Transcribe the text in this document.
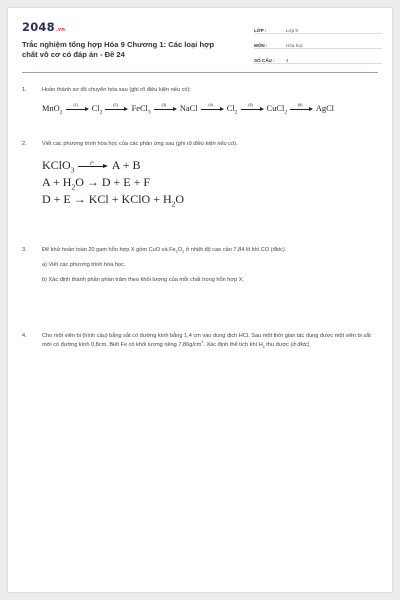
2048.vn
Trắc nghiệm tổng hợp Hóa 9 Chương 1: Các loại hợp chất vô cơ có đáp án - Đề 24
LỚP :	Lớp 9
MÔN :	Hóa học
SỐ CÂU :	4
1.	Hoàn thành sơ đồ chuyển hóa sau (ghi rõ điều kiện nếu có):
MnO$_2$
(1)	$Cl_2$
(2)	FeCl$_3$
(3)	NaCl	(4)	$Cl_2$
(5)	CuCl$_2$
(6)	AgCl
2.	Viết các phương trình hóa học của các phản ứng sau (ghi rõ điều kiện nếu có).
KClO$_3$
t°	A + B
$A + H_2O \to D + E + F$
D + E → KCl + KClO + $H_2O$
3.	Để khử hoàn toàn 20 gam hỗn hợp X gồm CuO và $Fe_2O_3$ ở nhiệt độ cao cần 7,84 lít khí CO (đktc).
a) Viết các phương trình hóa học.
b) Xác định thành phần phần trăm theo khối lượng của mỗi chất trong hỗn hợp X.
4.	Cho một viên bi (hình cầu) bằng sắt có đường kính bằng 1,4 cm vào dung dịch HCl. Sau một thời gian tác dụng được một viên bi sắt mới có đường kính 0,8cm. Biết Fe có khối lượng riêng $7,86g/cm^3$. Xác định thể tích khí $H_2$ thu được (ở đktc)
